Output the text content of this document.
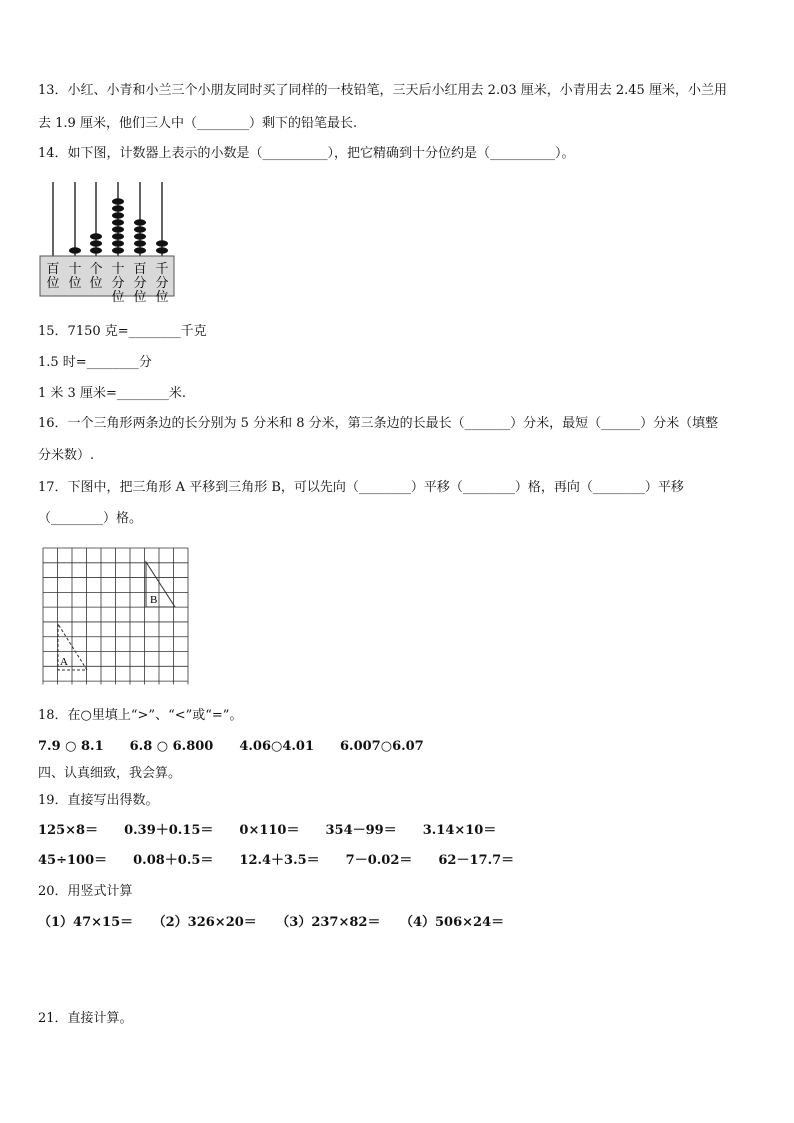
13．小红、小青和小兰三个小朋友同时买了同样的一枝铅笔，三天后小红用去 2.03 厘米，小青用去 2.45 厘米，小兰用
去 1.9 厘米，他们三人中（________）剩下的铅笔最长.
14．如下图，计数器上表示的小数是（__________），把它精确到十分位约是（__________）。
百
位
十
位
个
位
十
分
位
百
分
位
千
分
位
15．7150 克=________千克
1.5 时=________分
1 米 3 厘米=________米.
16．一个三角形两条边的长分别为 5 分米和 8 分米，第三条边的长最长（_______）分米，最短（______）分米（填整
分米数）.
17．下图中，把三角形 A 平移到三角形 B，可以先向（________）平移（________）格，再向（________）平移
（________）格。
B
A
18．在○里填上“>”、“<”或“=”。
7.9 ○ 8.1　　6.8 ○ 6.800　　4.06○4.01　　6.007○6.07
四、认真细致，我会算。
19．直接写出得数。
125×8＝　　0.39＋0.15＝　　0×110＝　　354－99＝　　3.14×10＝
45÷100＝　　0.08＋0.5＝　　12.4＋3.5＝　　7－0.02＝　　62－17.7＝
20．用竖式计算
（1）47×15＝　　（2）326×20＝　　（3）237×82＝　　（4）506×24＝
21．直接计算。
